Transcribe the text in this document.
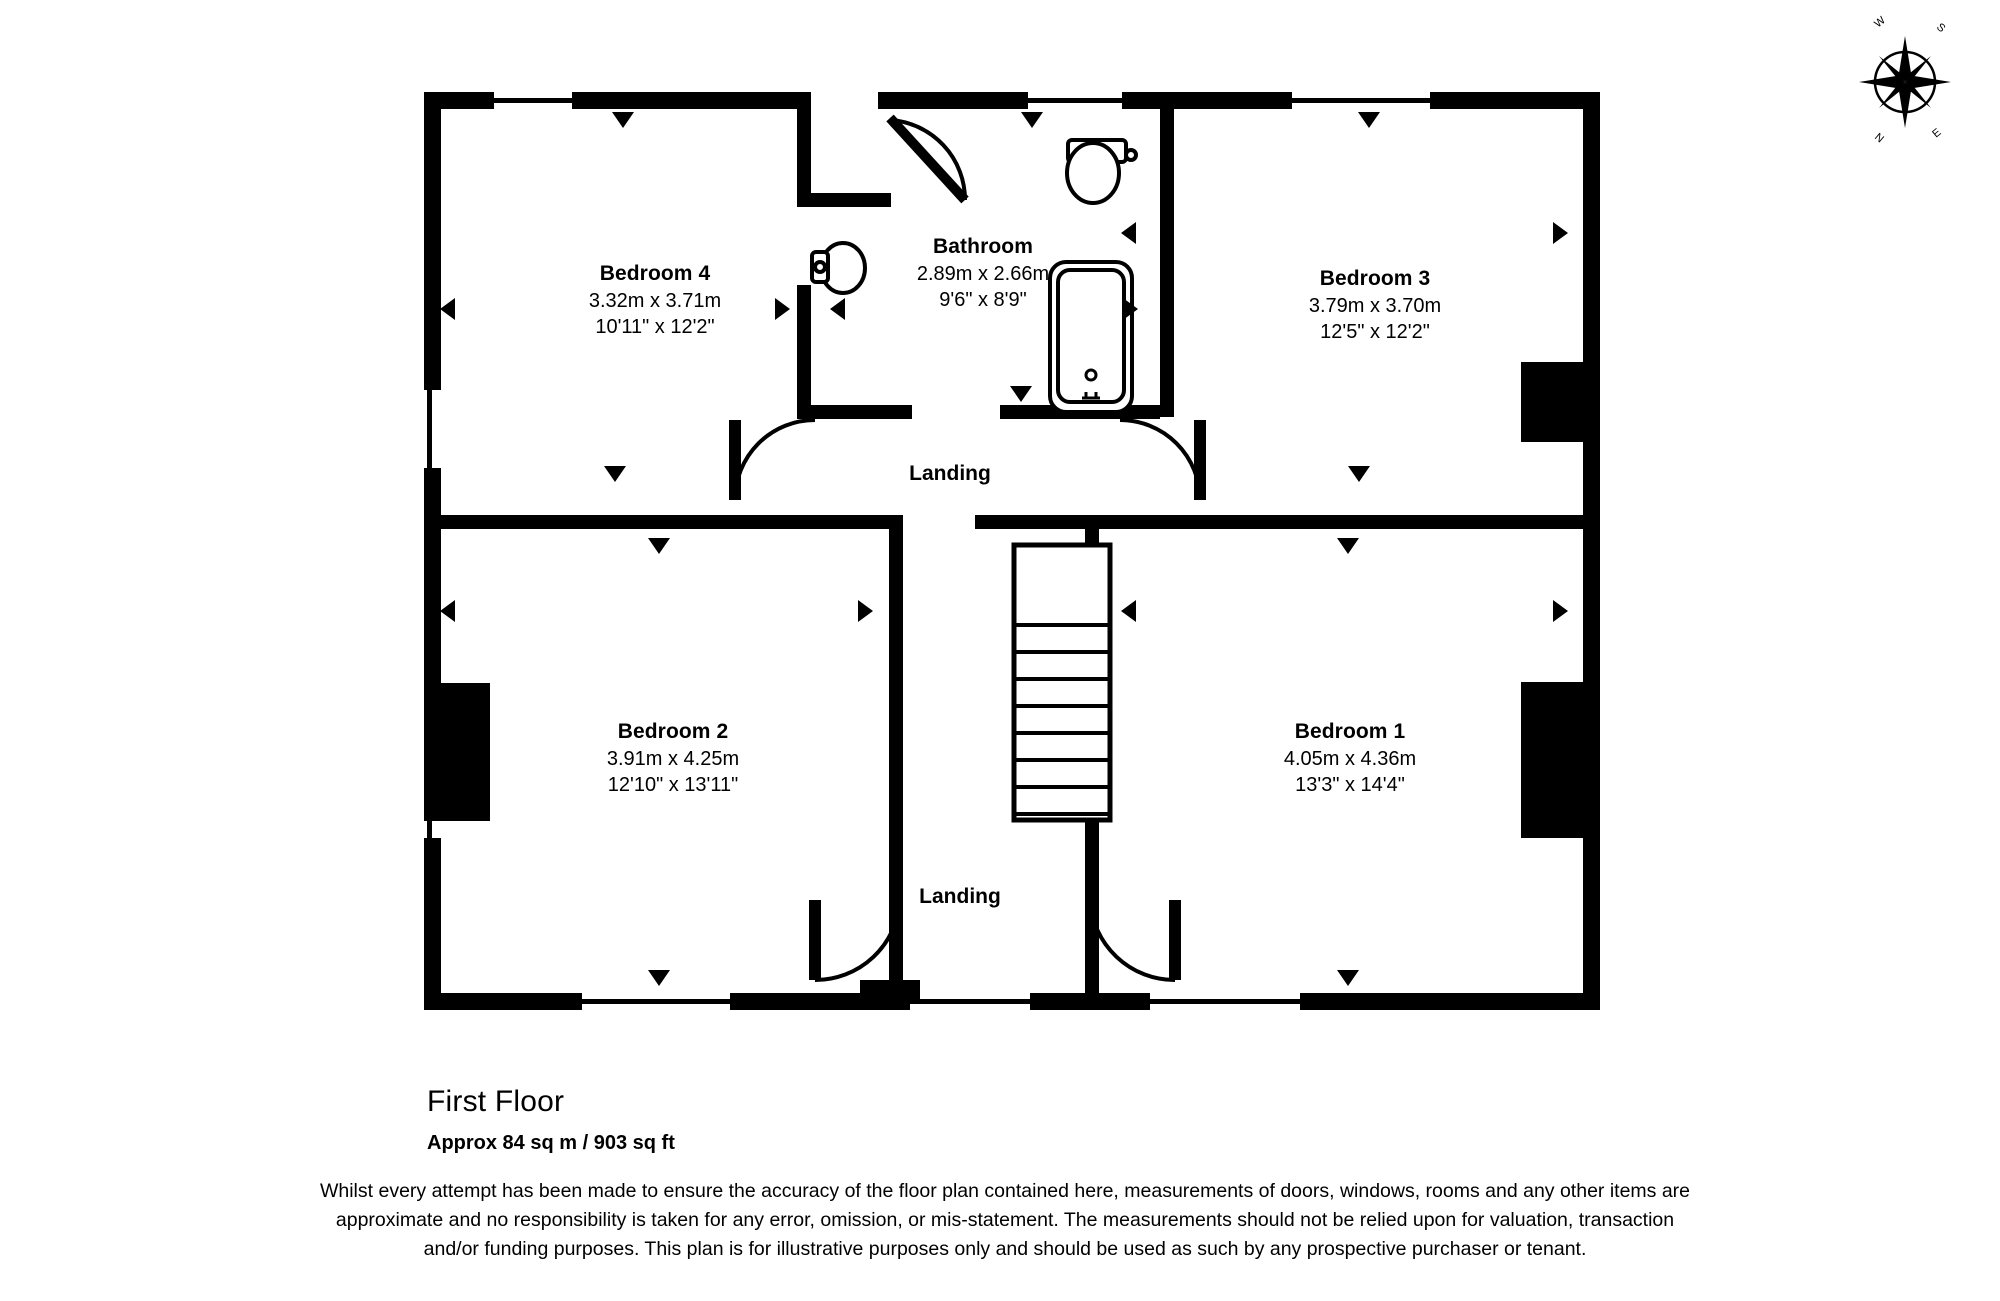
Bedroom 4
3.32m x 3.71m
10'11" x 12'2"
Bathroom
2.89m x 2.66m
9'6" x 8'9"
Bedroom 3
3.79m x 3.70m
12'5" x 12'2"
Bedroom 2
3.91m x 4.25m
12'10" x 13'11"
Bedroom 1
4.05m x 4.36m
13'3" x 14'4"
Landing
Landing
W	S
N	E
First Floor
Approx 84 sq m / 903 sq ft
Whilst every attempt has been made to ensure the accuracy of the floor plan contained here, measurements of doors, windows, rooms and any other items are approximate and no responsibility is taken for any error, omission, or mis-statement. The measurements should not be relied upon for valuation, transaction and/or funding purposes. This plan is for illustrative purposes only and should be used as such by any prospective purchaser or tenant.
